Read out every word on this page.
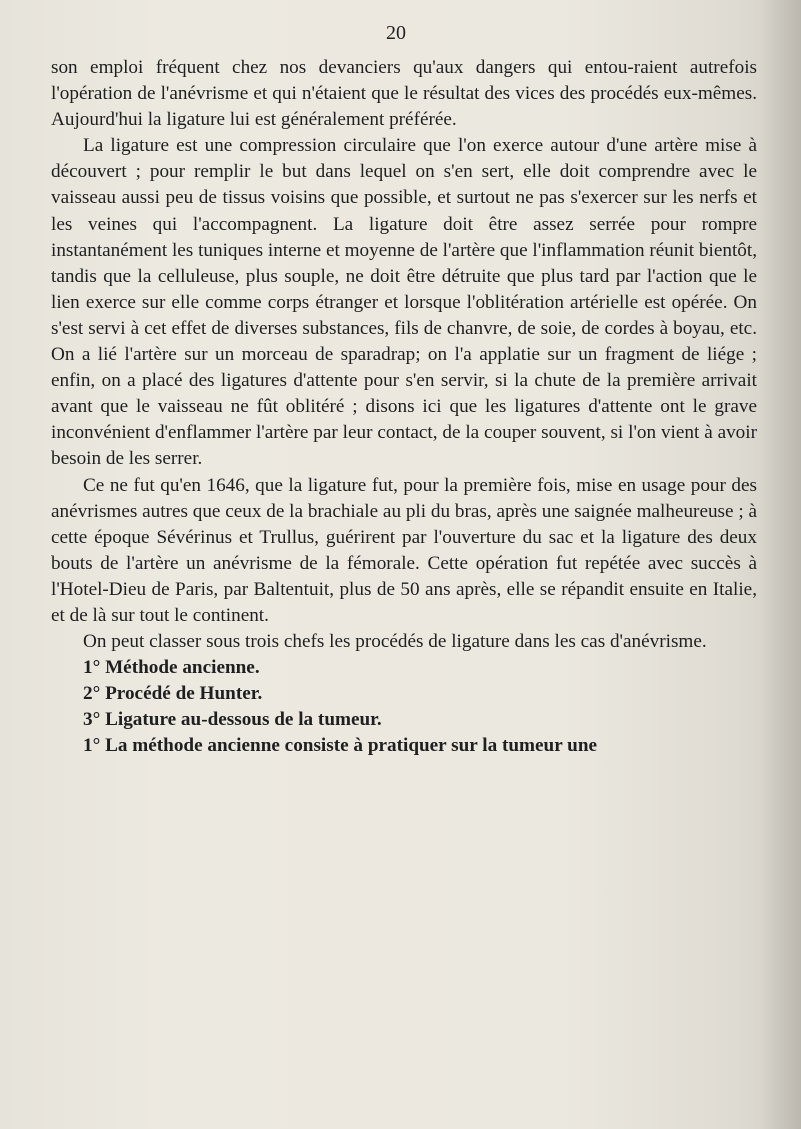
20

son emploi fréquent chez nos devanciers qu'aux dangers qui entou-raient autrefois l'opération de l'anévrisme et qui n'étaient que le résultat des vices des procédés eux-mêmes. Aujourd'hui la ligature lui est généralement préférée.

La ligature est une compression circulaire que l'on exerce autour d'une artère mise à découvert ; pour remplir le but dans lequel on s'en sert, elle doit comprendre avec le vaisseau aussi peu de tissus voisins que possible, et surtout ne pas s'exercer sur les nerfs et les veines qui l'accompagnent. La ligature doit être assez serrée pour rompre instantanément les tuniques interne et moyenne de l'artère que l'inflammation réunit bientôt, tandis que la celluleuse, plus souple, ne doit être détruite que plus tard par l'action que le lien exerce sur elle comme corps étranger et lorsque l'oblitération artérielle est opérée. On s'est servi à cet effet de diverses substances, fils de chanvre, de soie, de cordes à boyau, etc. On a lié l'artère sur un morceau de sparadrap; on l'a applatie sur un fragment de liége ; enfin, on a placé des ligatures d'attente pour s'en servir, si la chute de la première arrivait avant que le vaisseau ne fût oblitéré ; disons ici que les ligatures d'attente ont le grave inconvénient d'enflammer l'artère par leur contact, de la couper souvent, si l'on vient à avoir besoin de les serrer.

Ce ne fut qu'en 1646, que la ligature fut, pour la première fois, mise en usage pour des anévrismes autres que ceux de la brachiale au pli du bras, après une saignée malheureuse ; à cette époque Sévérinus et Trullus, guérirent par l'ouverture du sac et la ligature des deux bouts de l'artère un anévrisme de la fémorale. Cette opération fut repétée avec succès à l'Hotel-Dieu de Paris, par Baltentuit, plus de 50 ans après, elle se répandit ensuite en Italie, et de là sur tout le continent.

On peut classer sous trois chefs les procédés de ligature dans les cas d'anévrisme.

1° Méthode ancienne.
2° Procédé de Hunter.
3° Ligature au-dessous de la tumeur.

1° La méthode ancienne consiste à pratiquer sur la tumeur une
